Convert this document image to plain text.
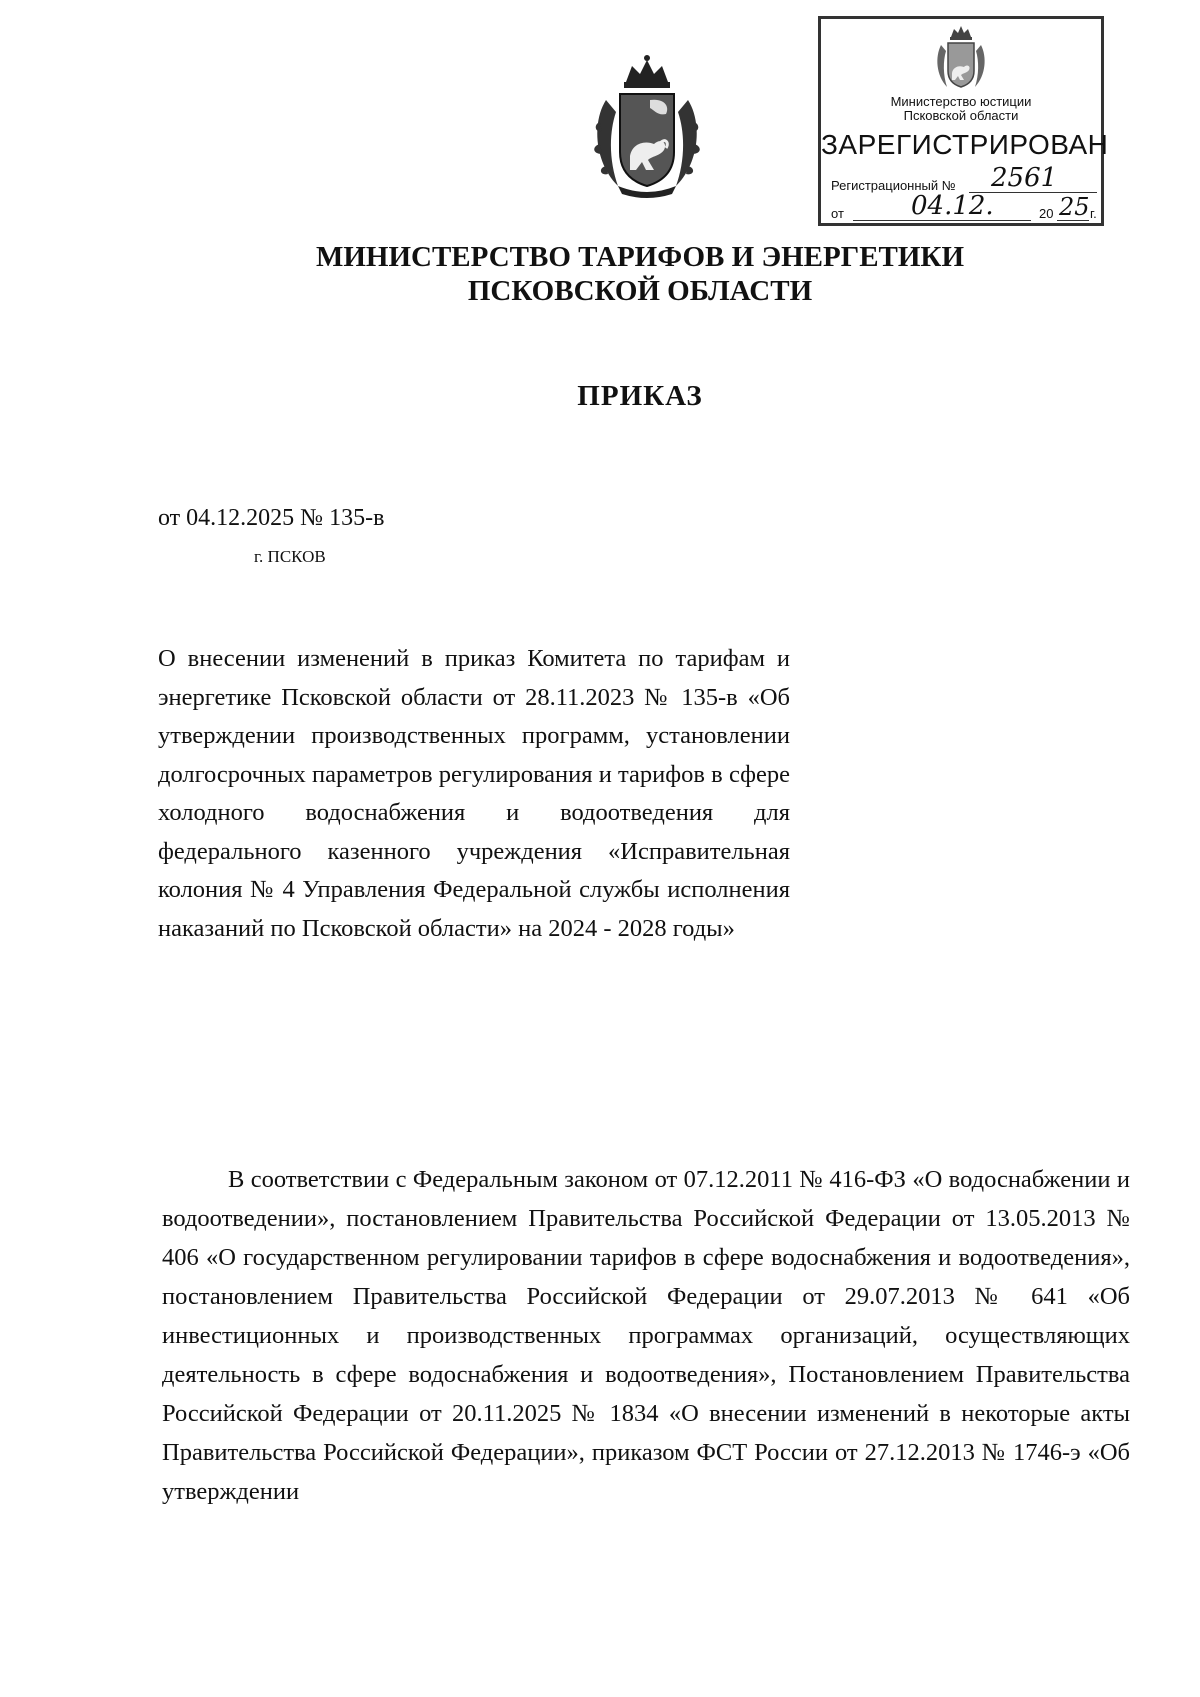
Министерство юстиции
Псковской области
ЗАРЕГИСТРИРОВАН
Регистрационный № 2561
от	04.12.	20 25 г.
МИНИСТЕРСТВО ТАРИФОВ И ЭНЕРГЕТИКИ
ПСКОВСКОЙ ОБЛАСТИ
ПРИКАЗ
от 04.12.2025 № 135-в
г. ПСКОВ
О внесении изменений в приказ Комитета по тарифам и энергетике Псковской области от 28.11.2023 № 135-в «Об утверждении производственных программ, установлении долгосрочных параметров регулирования и тарифов в сфере холодного водоснабжения и водоотведения для федерального казенного учреждения «Исправительная колония № 4 Управления Федеральной службы исполнения наказаний по Псковской области» на 2024 - 2028 годы»
В соответствии с Федеральным законом от 07.12.2011 № 416-ФЗ «О водоснабжении и водоотведении», постановлением Правительства Российской Федерации от 13.05.2013 № 406 «О государственном регулировании тарифов в сфере водоснабжения и водоотведения», постановлением Правительства Российской Федерации от 29.07.2013 № 641 «Об инвестиционных и производственных программах организаций, осуществляющих деятельность в сфере водоснабжения и водоотведения», Постановлением Правительства Российской Федерации от 20.11.2025 № 1834 «О внесении изменений в некоторые акты Правительства Российской Федерации», приказом ФСТ России от 27.12.2013 № 1746-э «Об утверждении
